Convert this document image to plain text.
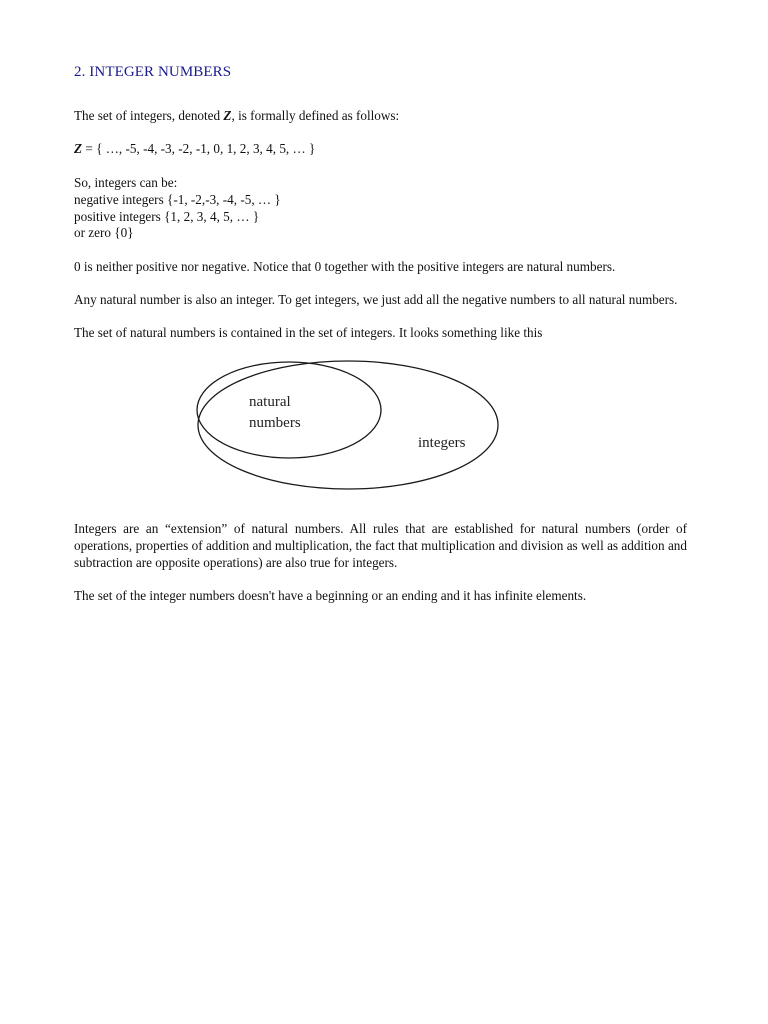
2. INTEGER NUMBERS
The set of integers, denoted Z, is formally defined as follows:
Z = { …, -5, -4, -3, -2, -1, 0, 1, 2, 3, 4, 5, … }
So, integers can be:
negative integers {-1, -2,-3, -4, -5, … }
positive integers {1, 2, 3, 4, 5, … }
or zero {0}
0 is neither positive nor negative. Notice that 0 together with the positive integers are natural numbers.
Any natural number is also an integer. To get integers, we just add all the negative numbers to all natural numbers.
The set of natural numbers is contained in the set of integers. It looks something like this
natural
numbers
integers
Integers are an “extension” of natural numbers. All rules that are established for natural numbers (order of operations, properties of addition and multiplication, the fact that multiplication and division as well as addition and subtraction are opposite operations) are also true for integers.
The set of the integer numbers doesn't have a beginning or an ending and it has infinite elements.
